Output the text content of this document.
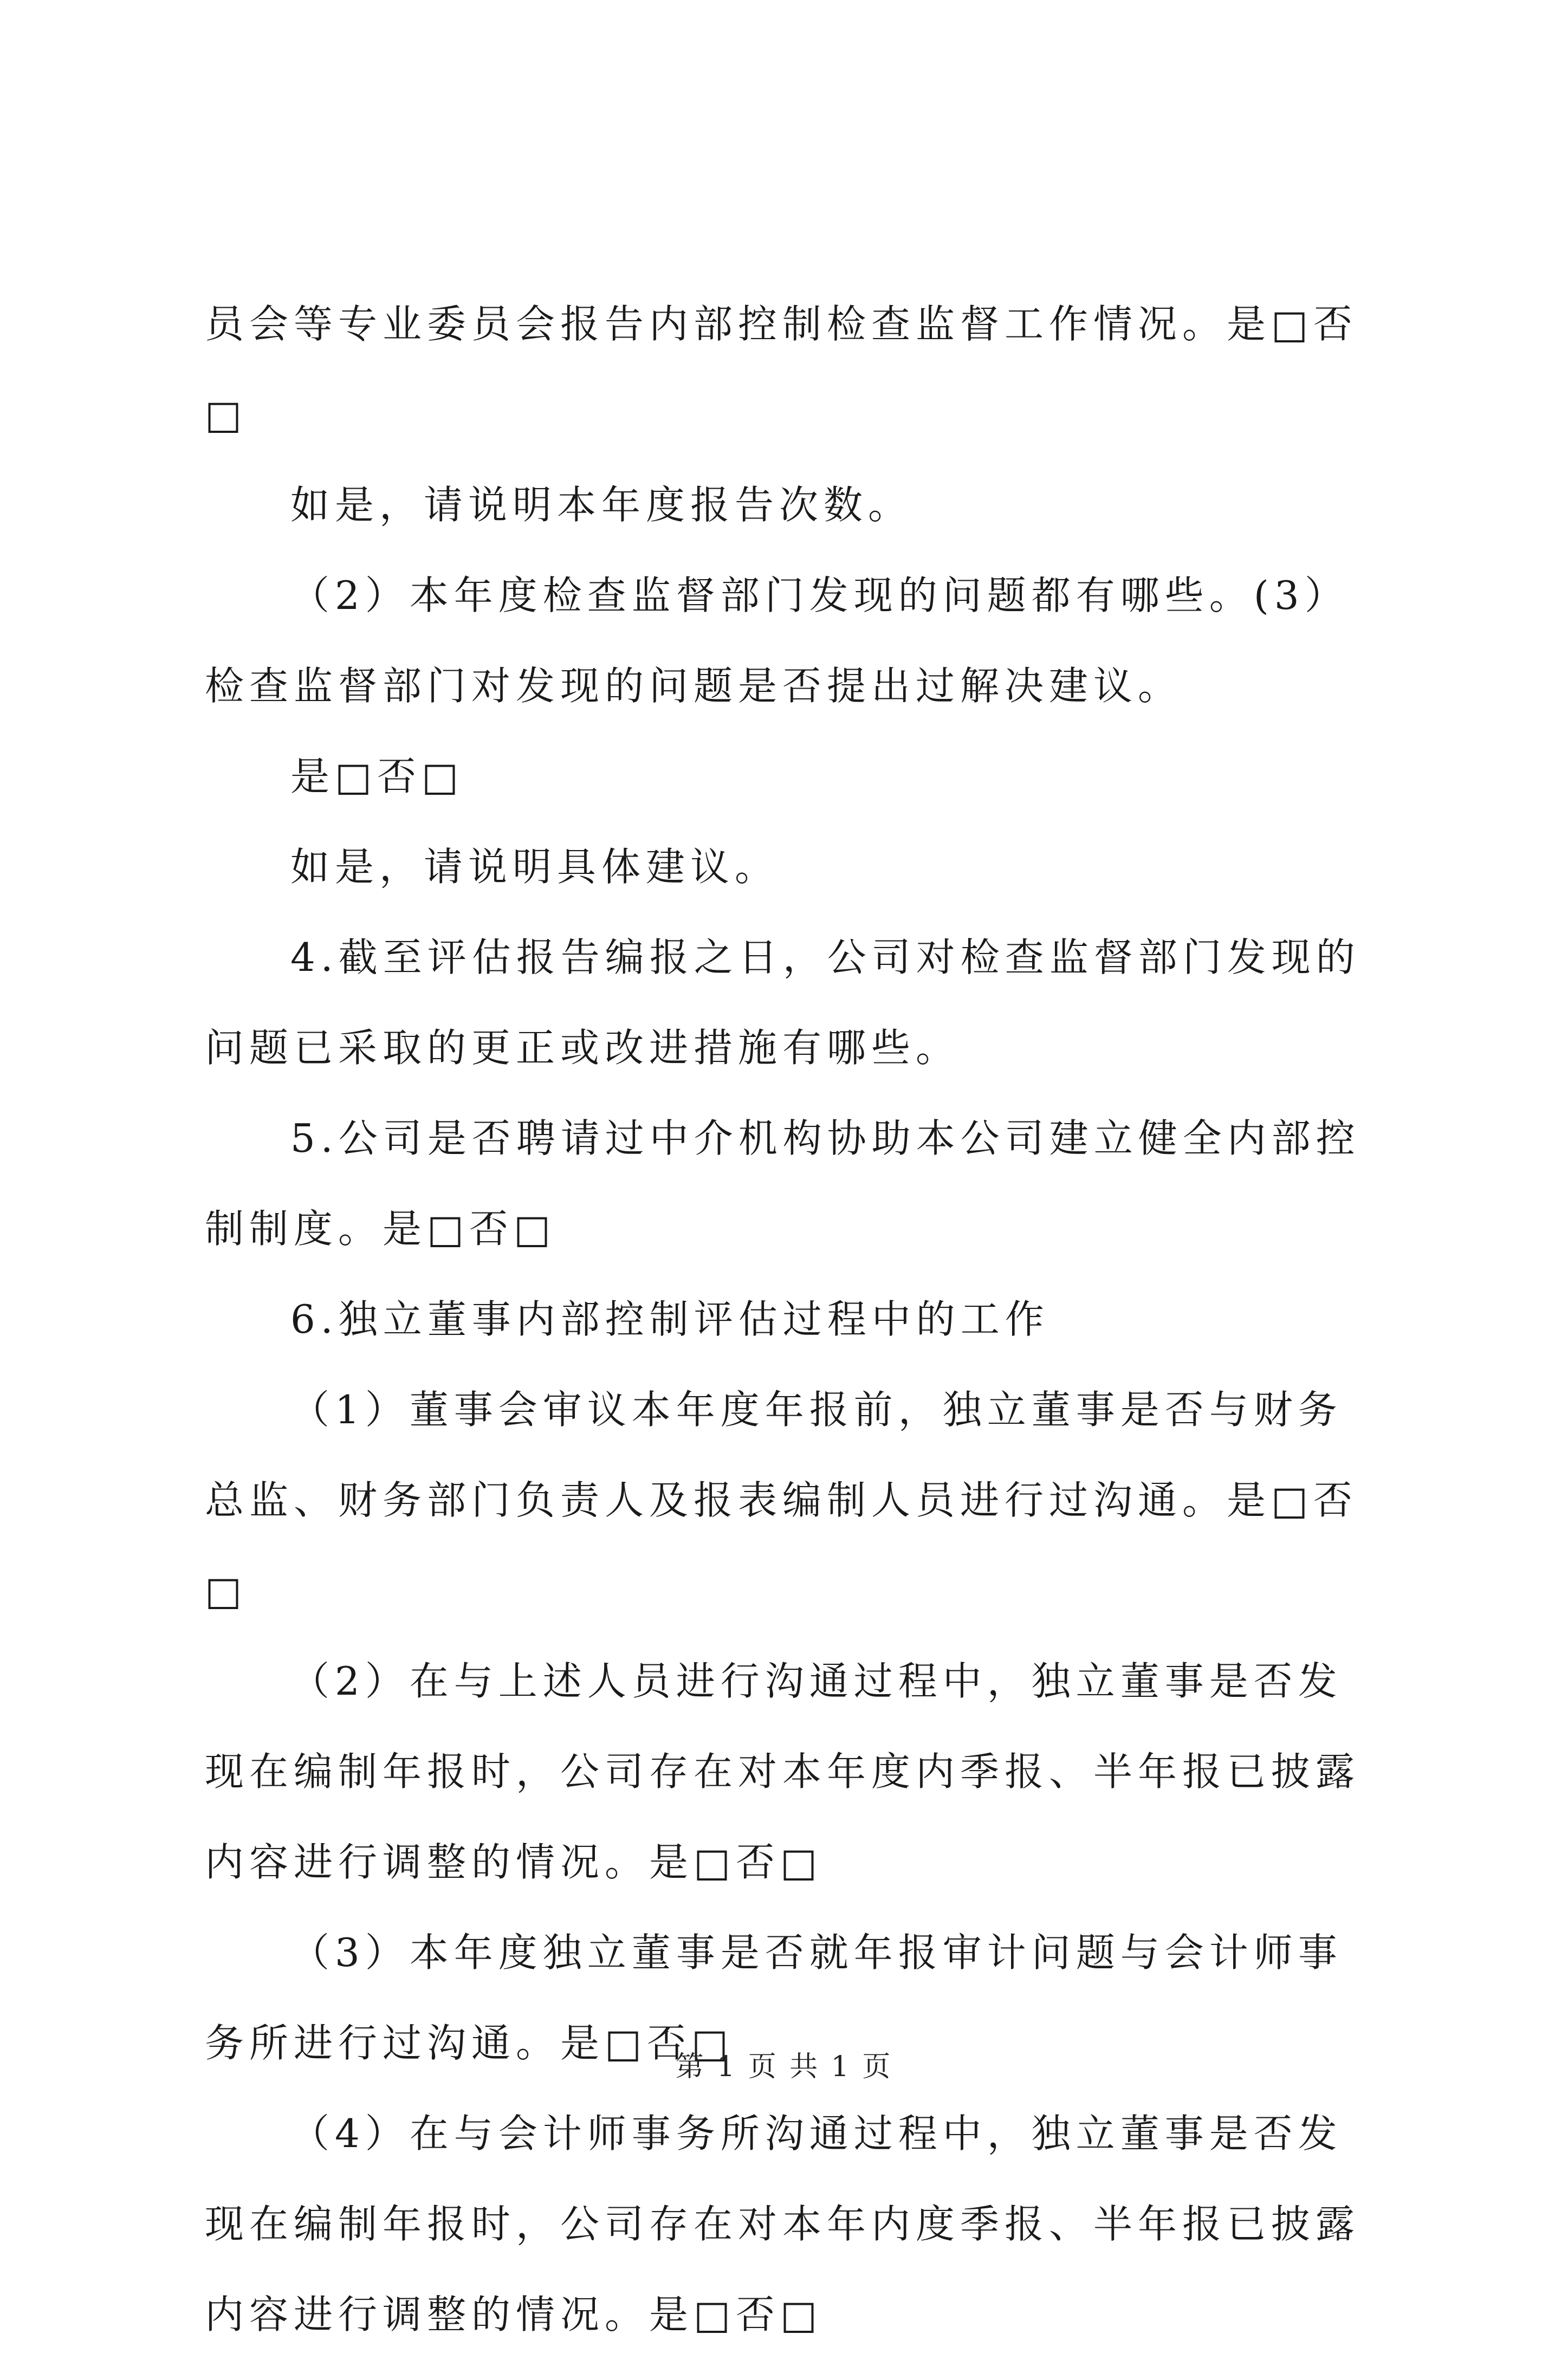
员会等专业委员会报告内部控制检查监督工作情况。是□否□

如是，请说明本年度报告次数。

（2）本年度检查监督部门发现的问题都有哪些。(3）检查监督部门对发现的问题是否提出过解决建议。

是□否□

如是，请说明具体建议。

4.截至评估报告编报之日，公司对检查监督部门发现的问题已采取的更正或改进措施有哪些。

5.公司是否聘请过中介机构协助本公司建立健全内部控制制度。是□否□

6.独立董事内部控制评估过程中的工作

（1）董事会审议本年度年报前，独立董事是否与财务总监、财务部门负责人及报表编制人员进行过沟通。是□否□

（2）在与上述人员进行沟通过程中，独立董事是否发现在编制年报时，公司存在对本年度内季报、半年报已披露内容进行调整的情况。是□否□

（3）本年度独立董事是否就年报审计问题与会计师事务所进行过沟通。是□否□

（4）在与会计师事务所沟通过程中，独立董事是否发现在编制年报时，公司存在对本年内度季报、半年报已披露内容进行调整的情况。是□否□

第 1 页 共 1 页
